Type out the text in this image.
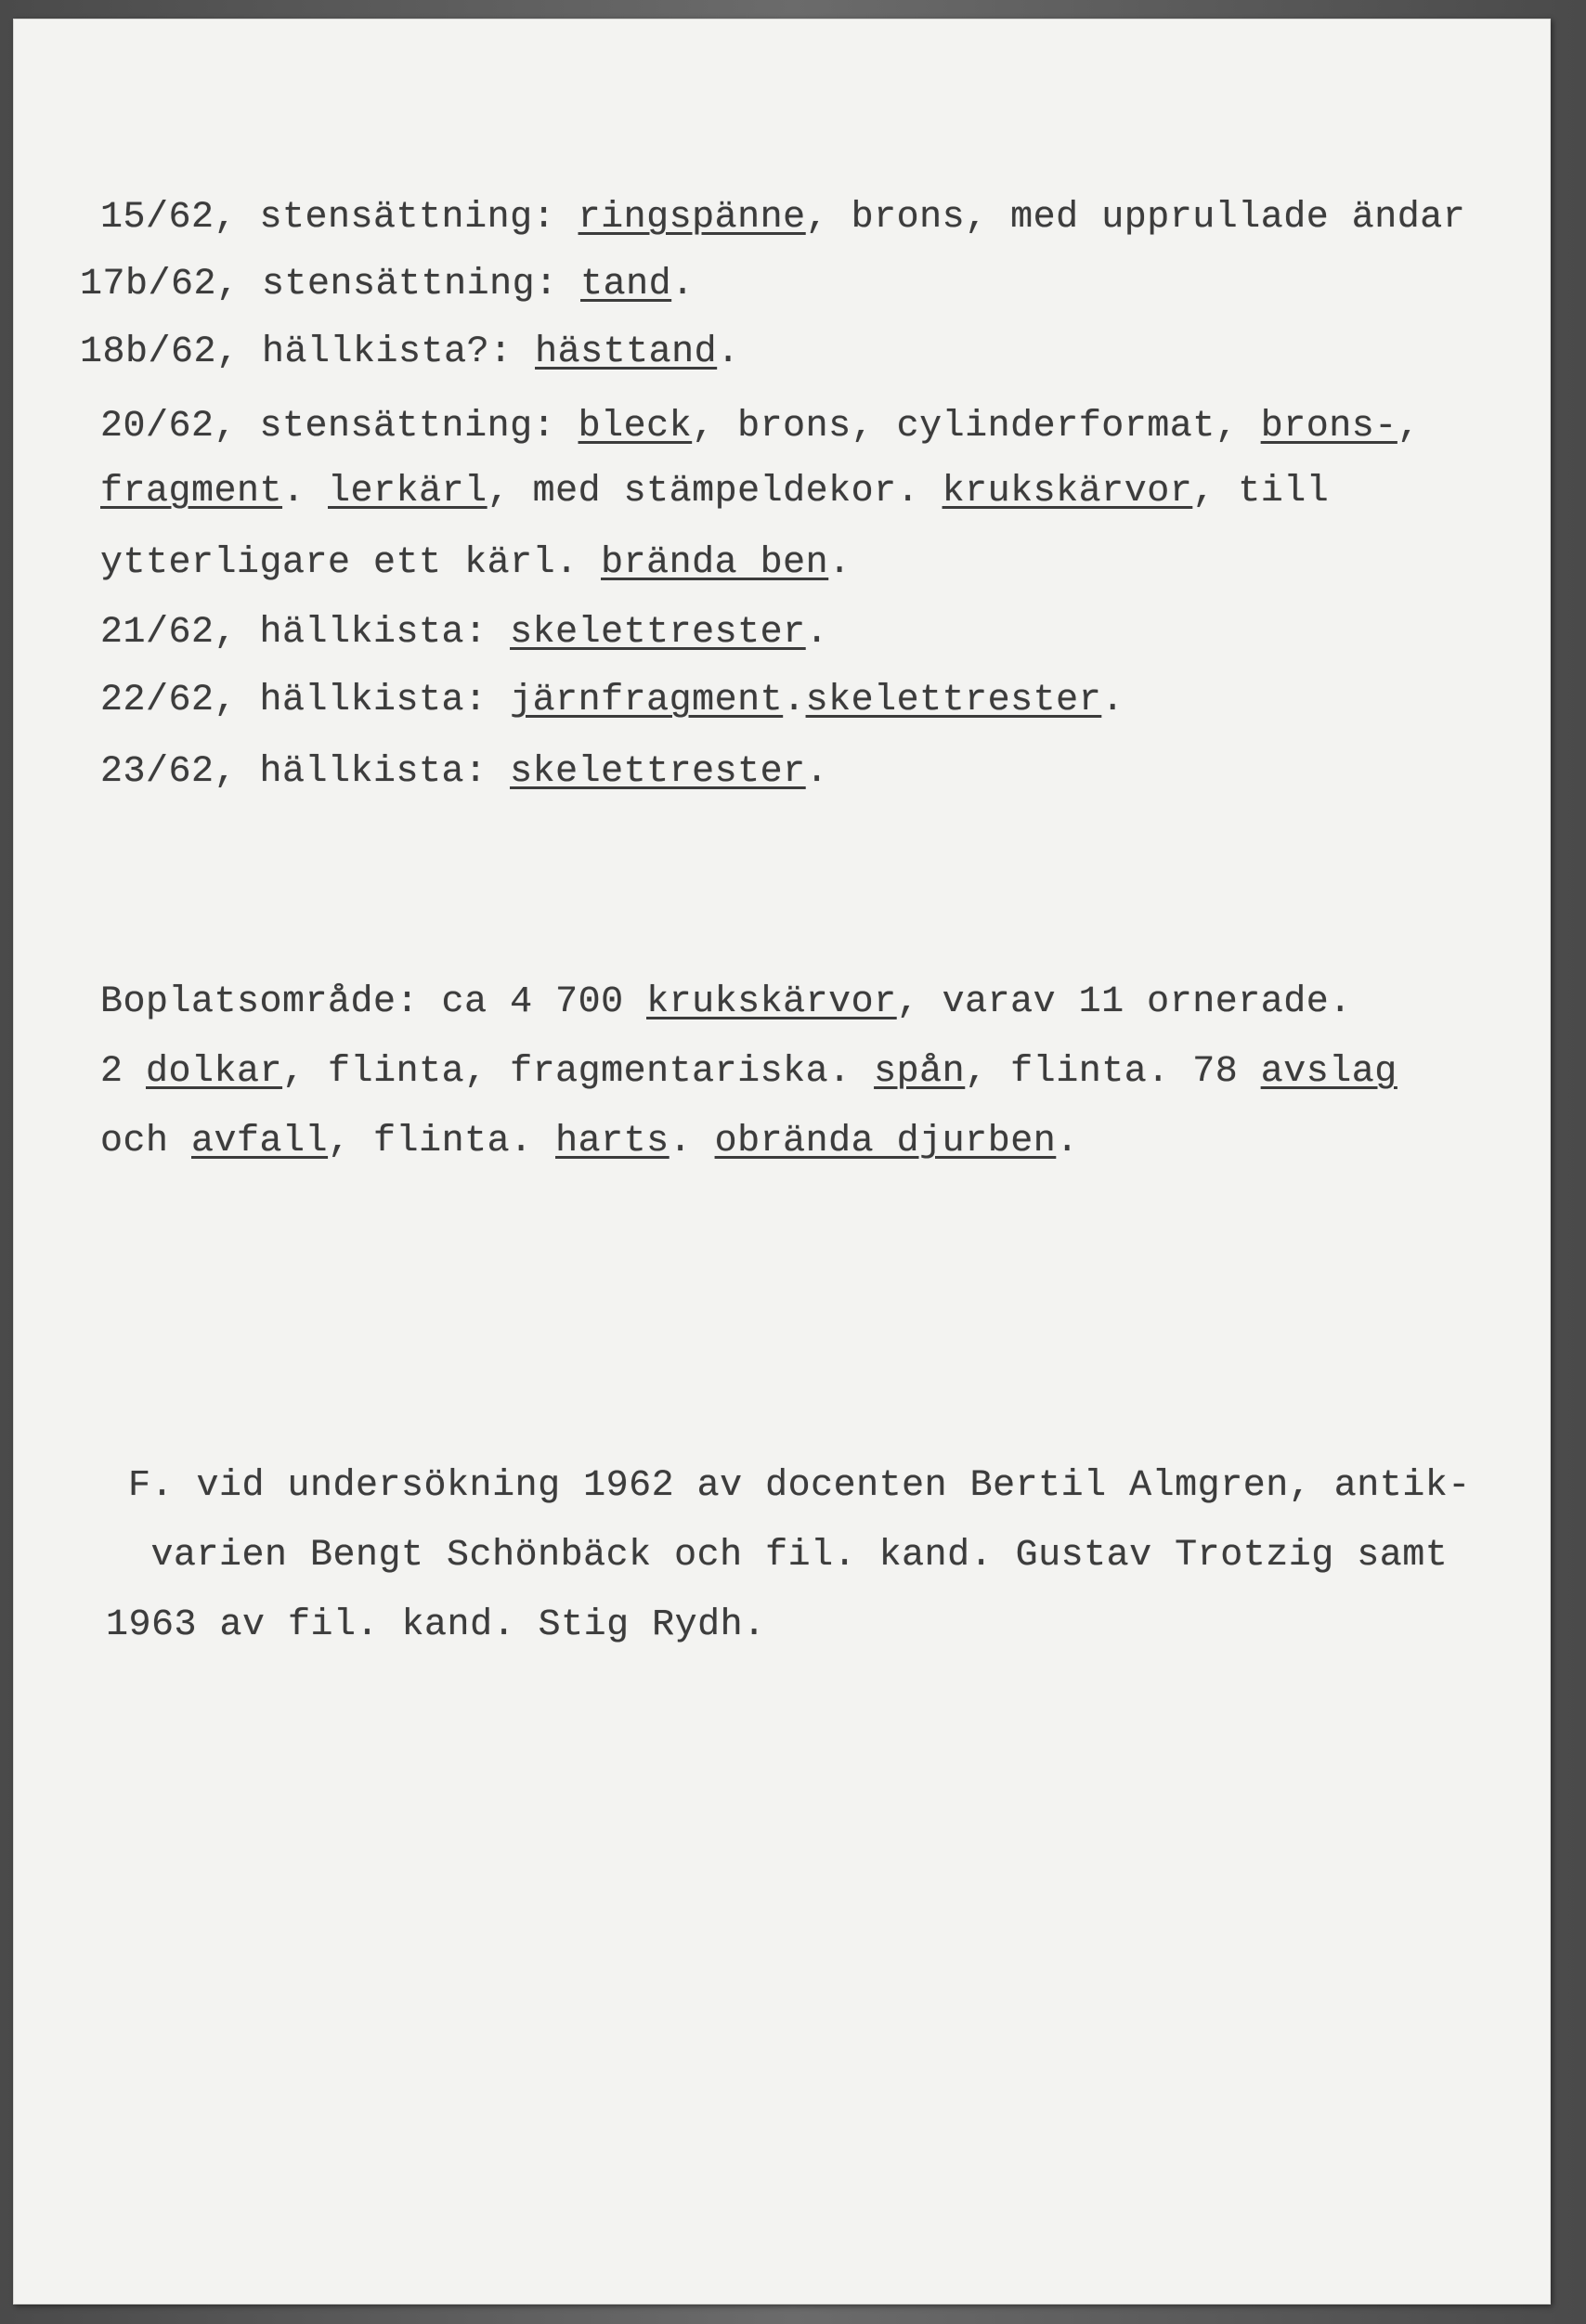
15/62, stensättning: ringspänne, brons, med upprullade ändar
17b/62, stensättning: tand.
18b/62, hällkista?: hästtand.
20/62, stensättning: bleck, brons, cylinderformat, brons-,
fragment. lerkärl, med stämpeldekor. krukskärvor, till
ytterligare ett kärl. brända ben.
21/62, hällkista: skelettrester.
22/62, hällkista: järnfragment.skelettrester.
23/62, hällkista: skelettrester.
Boplatsområde: ca 4 700 krukskärvor, varav 11 ornerade.
2 dolkar, flinta, fragmentariska. spån, flinta. 78 avslag
och avfall, flinta. harts. obrända djurben.
F. vid undersökning 1962 av docenten Bertil Almgren, antik-
varien Bengt Schönbäck och fil. kand. Gustav Trotzig samt
1963 av fil. kand. Stig Rydh.
